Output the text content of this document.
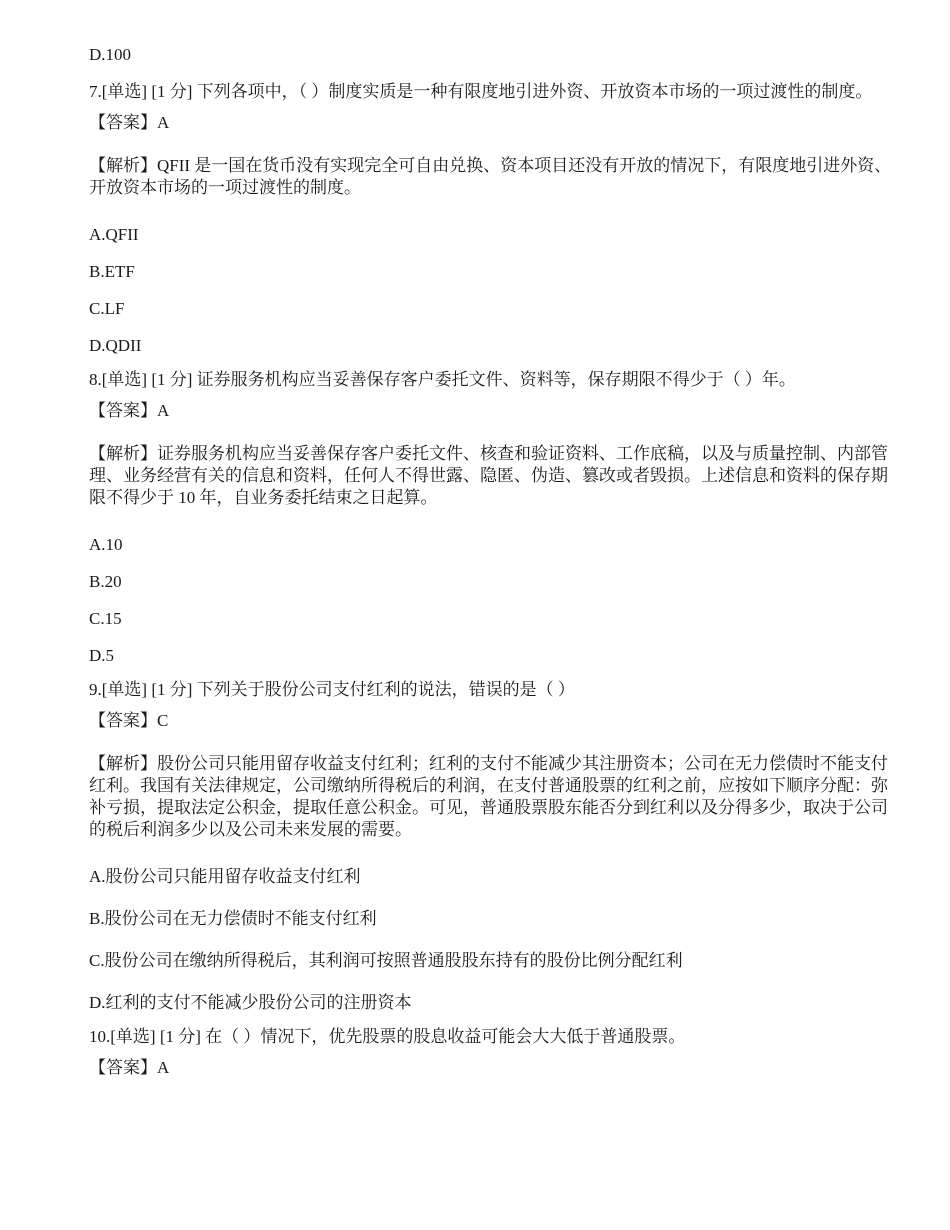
D.100

7.[单选] [1 分] 下列各项中，（ ）制度实质是一种有限度地引进外资、开放资本市场的一项过渡性的制度。

【答案】A

【解析】QFII 是一国在货币没有实现完全可自由兑换、资本项目还没有开放的情况下，有限度地引进外资、开放资本市场的一项过渡性的制度。

A.QFII

B.ETF

C.LF

D.QDII

8.[单选] [1 分] 证券服务机构应当妥善保存客户委托文件、资料等，保存期限不得少于（ ）年。

【答案】A

【解析】证券服务机构应当妥善保存客户委托文件、核查和验证资料、工作底稿，以及与质量控制、内部管理、业务经营有关的信息和资料，任何人不得世露、隐匿、伪造、篡改或者毁损。上述信息和资料的保存期限不得少于 10 年，自业务委托结束之日起算。

A.10

B.20

C.15

D.5

9.[单选] [1 分] 下列关于股份公司支付红利的说法，错误的是（ ）

【答案】C

【解析】股份公司只能用留存收益支付红利；红利的支付不能减少其注册资本；公司在无力偿债时不能支付红利。我国有关法律规定，公司缴纳所得税后的利润，在支付普通股票的红利之前，应按如下顺序分配：弥补亏损，提取法定公积金，提取任意公积金。可见，普通股票股东能否分到红利以及分得多少，取决于公司的税后利润多少以及公司未来发展的需要。

A.股份公司只能用留存收益支付红利

B.股份公司在无力偿债时不能支付红利

C.股份公司在缴纳所得税后，其利润可按照普通股股东持有的股份比例分配红利

D.红利的支付不能减少股份公司的注册资本

10.[单选] [1 分] 在（ ）情况下，优先股票的股息收益可能会大大低于普通股票。

【答案】A
